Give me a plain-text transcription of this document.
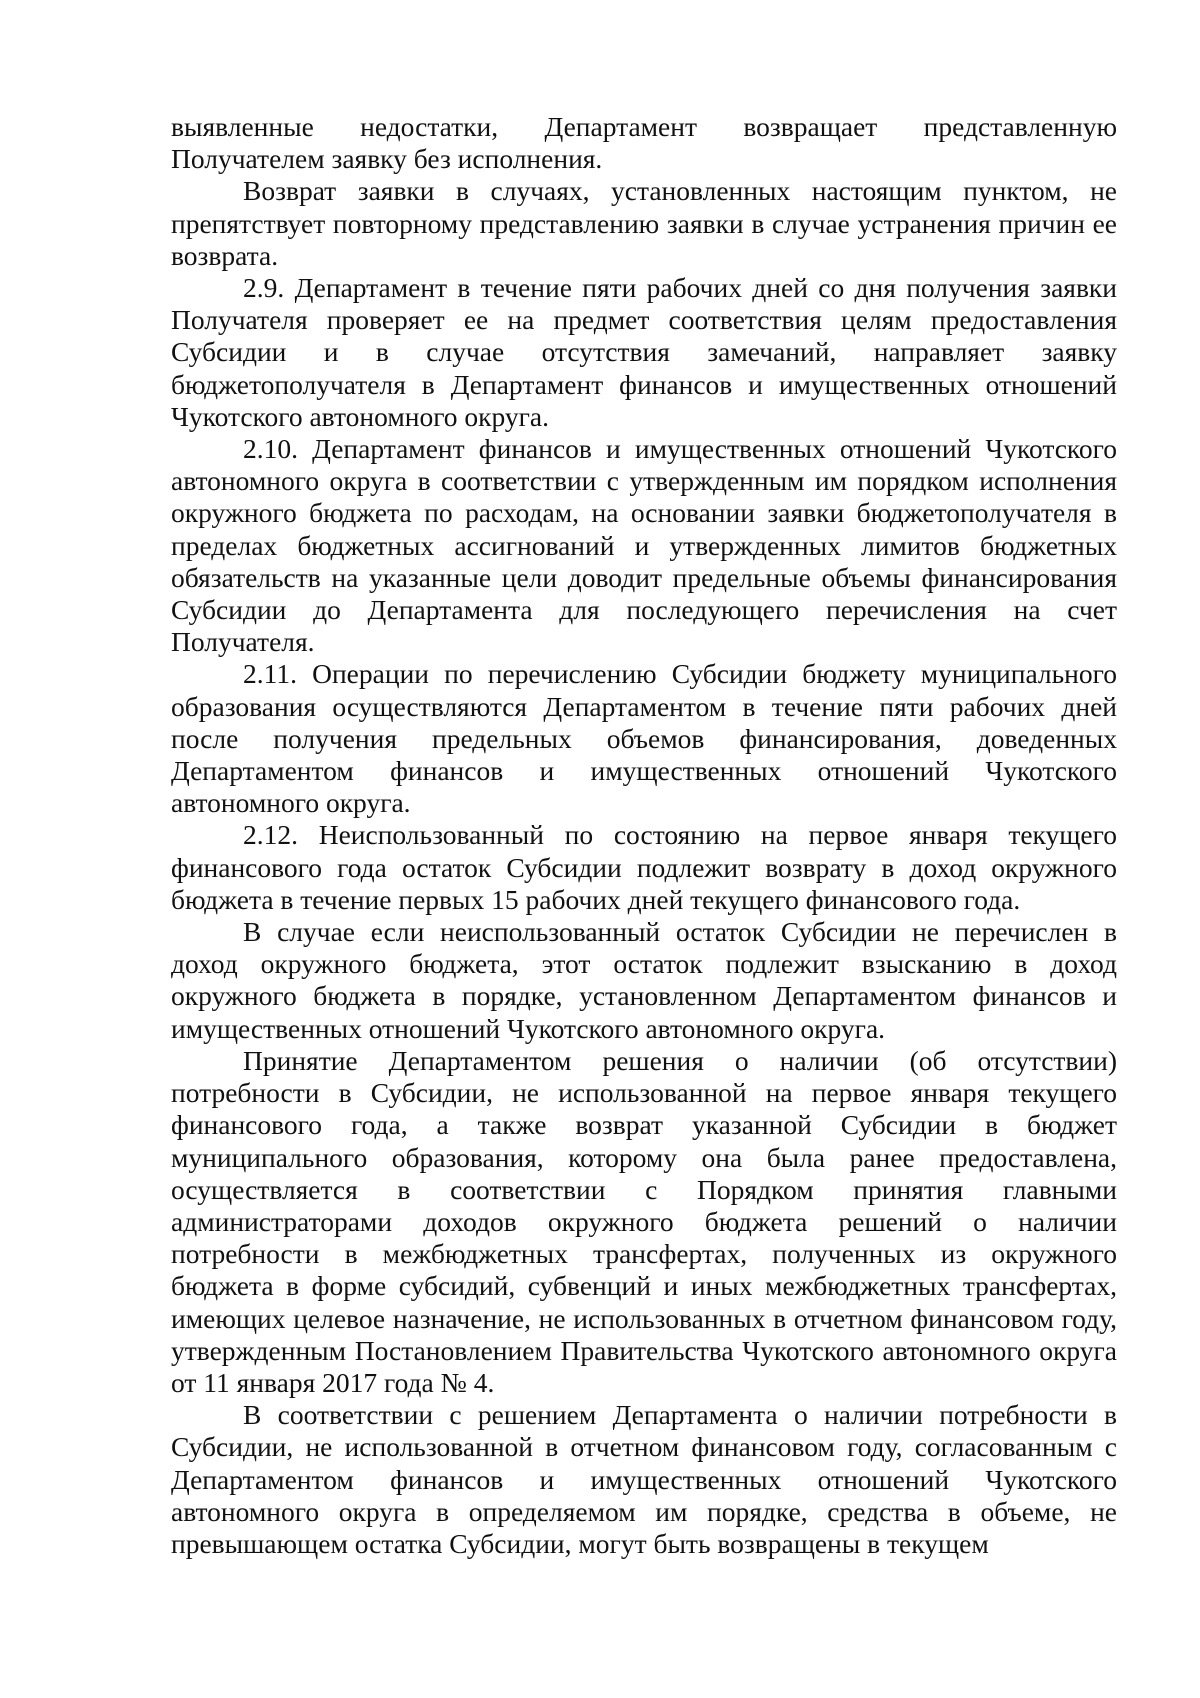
выявленные недостатки, Департамент возвращает представленную Получателем заявку без исполнения.

Возврат заявки в случаях, установленных настоящим пунктом, не препятствует повторному представлению заявки в случае устранения причин ее возврата.

2.9. Департамент в течение пяти рабочих дней со дня получения заявки Получателя проверяет ее на предмет соответствия целям предоставления Субсидии и в случае отсутствия замечаний, направляет заявку бюджетополучателя в Департамент финансов и имущественных отношений Чукотского автономного округа.

2.10. Департамент финансов и имущественных отношений Чукотского автономного округа в соответствии с утвержденным им порядком исполнения окружного бюджета по расходам, на основании заявки бюджетополучателя в пределах бюджетных ассигнований и утвержденных лимитов бюджетных обязательств на указанные цели доводит предельные объемы финансирования Субсидии до Департамента для последующего перечисления на счет Получателя.

2.11. Операции по перечислению Субсидии бюджету муниципального образования осуществляются Департаментом в течение пяти рабочих дней после получения предельных объемов финансирования, доведенных Департаментом финансов и имущественных отношений Чукотского автономного округа.

2.12. Неиспользованный по состоянию на первое января текущего финансового года остаток Субсидии подлежит возврату в доход окружного бюджета в течение первых 15 рабочих дней текущего финансового года.

В случае если неиспользованный остаток Субсидии не перечислен в доход окружного бюджета, этот остаток подлежит взысканию в доход окружного бюджета в порядке, установленном Департаментом финансов и имущественных отношений Чукотского автономного округа.

Принятие Департаментом решения о наличии (об отсутствии) потребности в Субсидии, не использованной на первое января текущего финансового года, а также возврат указанной Субсидии в бюджет муниципального образования, которому она была ранее предоставлена, осуществляется в соответствии с Порядком принятия главными администраторами доходов окружного бюджета решений о наличии потребности в межбюджетных трансфертах, полученных из окружного бюджета в форме субсидий, субвенций и иных межбюджетных трансфертах, имеющих целевое назначение, не использованных в отчетном финансовом году, утвержденным Постановлением Правительства Чукотского автономного округа от 11 января 2017 года № 4.

В соответствии с решением Департамента о наличии потребности в Субсидии, не использованной в отчетном финансовом году, согласованным с Департаментом финансов и имущественных отношений Чукотского автономного округа в определяемом им порядке, средства в объеме, не превышающем остатка Субсидии, могут быть возвращены в текущем
